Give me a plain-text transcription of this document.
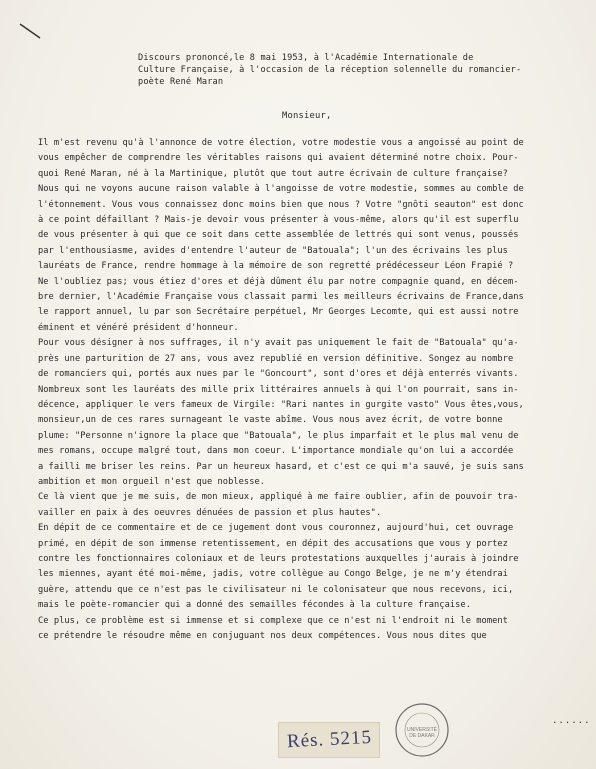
Discours prononcé,le 8 mai 1953, à l'Académie Internationale de
Culture Française, à l'occasion de la réception solennelle du romancier-
poète René Maran
Monsieur,

Il m'est revenu qu'à l'annonce de votre élection, votre modestie vous a angoissé au point de

vous empêcher de comprendre les véritables raisons qui avaient déterminé notre choix. Pour-

quoi René Maran, né à la Martinique, plutôt que tout autre écrivain de culture française?

Nous qui ne voyons aucune raison valable à l'angoisse de votre modestie, sommes au comble de

l'étonnement. Vous vous connaissez donc moins bien que nous ? Votre "gnôti seauton" est donc

à ce point défaillant ? Mais-je devoir vous présenter à vous-même, alors qu'il est superflu

de vous présenter à qui que ce soit dans cette assemblée de lettrés qui sont venus, poussés

par l'enthousiasme, avides d'entendre l'auteur de "Batouala"; l'un des écrivains les plus

lauréats de France, rendre hommage à la mémoire de son regretté prédécesseur Léon Frapié ?

Ne l'oubliez pas; vous étiez d'ores et déjà dûment élu par notre compagnie quand, en décem-

bre dernier, l'Académie Française vous classait parmi les meilleurs écrivains de France,dans

le rapport annuel, lu par son Secrétaire perpétuel, Mr Georges Lecomte, qui est aussi notre

éminent et vénéré président d'honneur.

Pour vous désigner à nos suffrages, il n'y avait pas uniquement le fait de "Batouala" qu'a-

près une parturition de 27 ans, vous avez republié en version définitive. Songez au nombre

de romanciers qui, portés aux nues par le "Goncourt", sont d'ores et déjà enterrés vivants.

Nombreux sont les lauréats des mille prix littéraires annuels à qui l'on pourrait, sans in-

décence, appliquer le vers fameux de Virgile: "Rari nantes in gurgite vasto" Vous êtes,vous,

monsieur,un de ces rares surnageant le vaste abîme. Vous nous avez écrit, de votre bonne

plume: "Personne n'ignore la place que "Batouala", le plus imparfait et le plus mal venu de

mes romans, occupe malgré tout, dans mon coeur. L'importance mondiale qu'on lui a accordée

a failli me briser les reins. Par un heureux hasard, et c'est ce qui m'a sauvé, je suis sans

ambition et mon orgueil n'est que noblesse.

Ce là vient que je me suis, de mon mieux, appliqué à me faire oublier, afin de pouvoir tra-

vailler en paix à des oeuvres dénuées de passion et plus hautes".

En dépit de ce commentaire et de ce jugement dont vous couronnez, aujourd'hui, cet ouvrage

primé, en dépit de son immense retentissement, en dépit des accusations que vous y portez

contre les fonctionnaires coloniaux et de leurs protestations auxquelles j'aurais à joindre

les miennes, ayant été moi-même, jadis, votre collègue au Congo Belge, je ne m'y étendrai

guère, attendu que ce n'est pas le civilisateur ni le colonisateur que nous recevons, ici,

mais le poète-romancier qui a donné des semailles fécondes à la culture française.

Ce plus, ce problème est si immense et si complexe que ce n'est ni l'endroit ni le moment

ce prétendre le résoudre même en conjuguant nos deux compétences. Vous nous dites que

......
Rés. 5215	UNIVERSITÉ DE DAKAR
